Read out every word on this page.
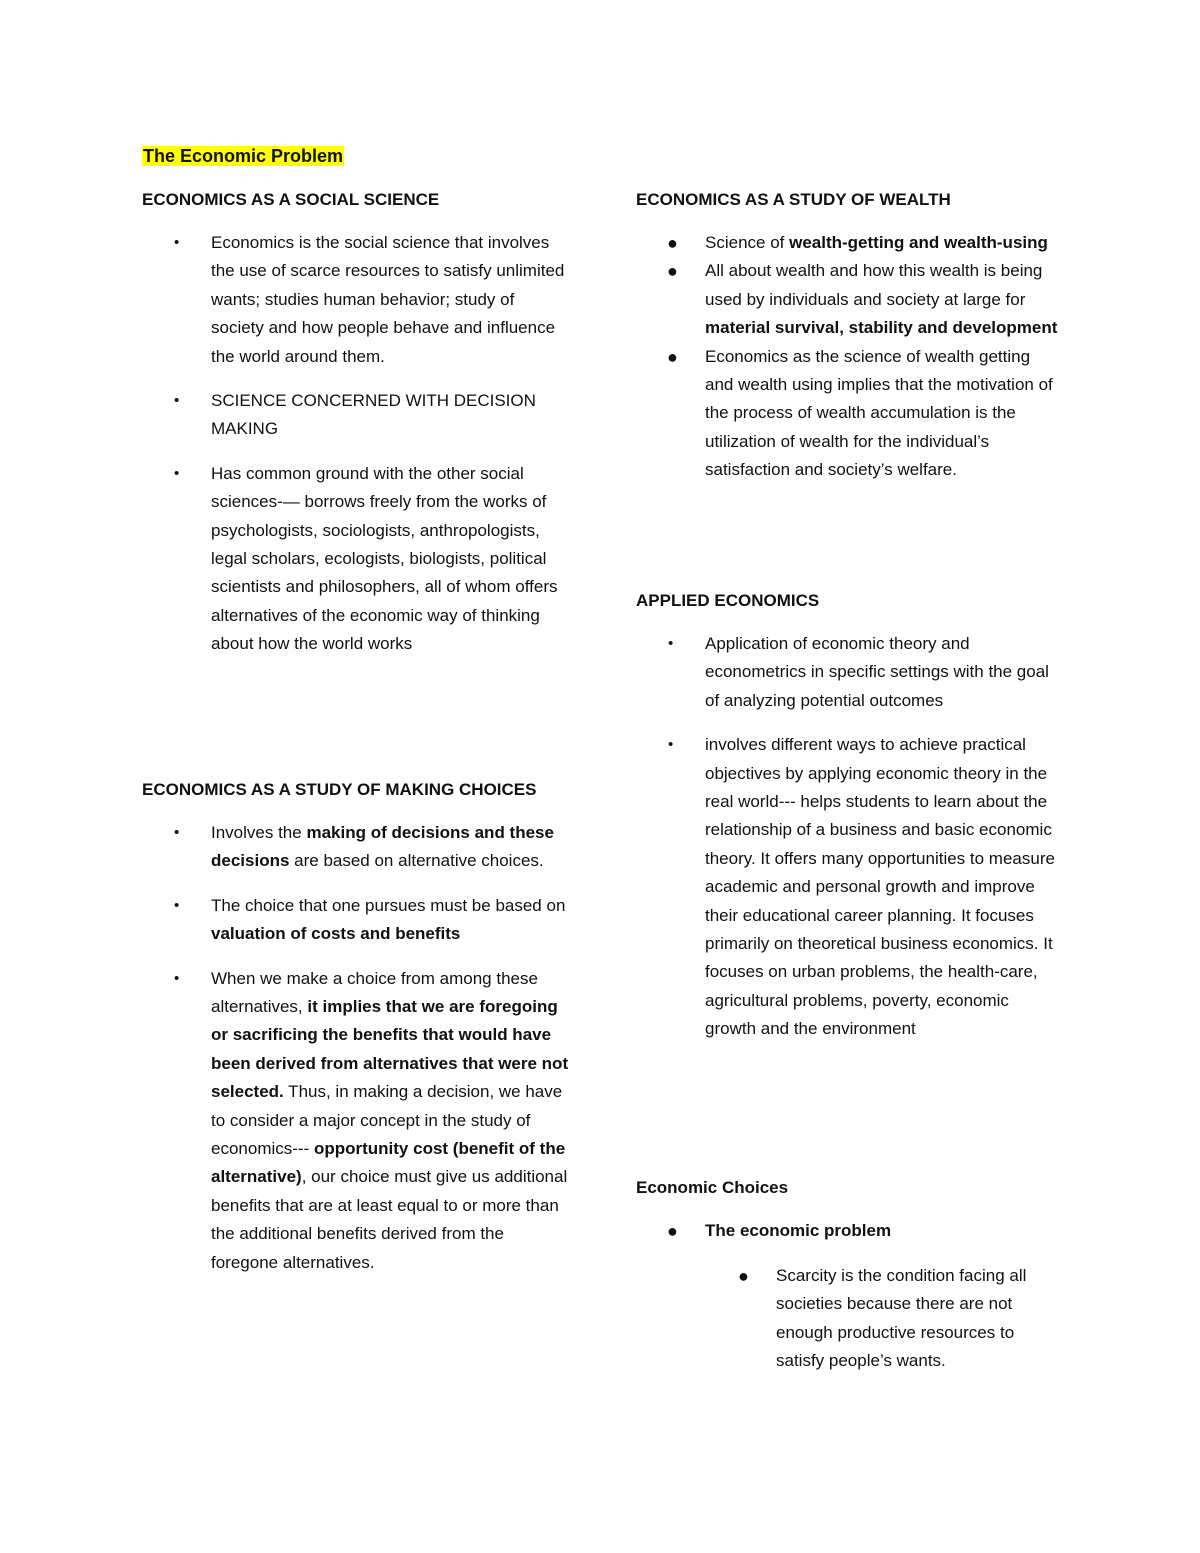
The Economic Problem
ECONOMICS AS A SOCIAL SCIENCE
• Economics is the social science that involves the use of scarce resources to satisfy unlimited wants; studies human behavior; study of society and how people behave and influence the world around them.
• SCIENCE CONCERNED WITH DECISION MAKING
• Has common ground with the other social sciences-— borrows freely from the works of psychologists, sociologists, anthropologists, legal scholars, ecologists, biologists, political scientists and philosophers, all of whom offers alternatives of the economic way of thinking about how the world works
ECONOMICS AS A STUDY OF MAKING CHOICES
• Involves the making of decisions and these decisions are based on alternative choices.
• The choice that one pursues must be based on valuation of costs and benefits
• When we make a choice from among these alternatives, it implies that we are foregoing or sacrificing the benefits that would have been derived from alternatives that were not selected. Thus, in making a decision, we have to consider a major concept in the study of economics--- opportunity cost (benefit of the alternative), our choice must give us additional benefits that are at least equal to or more than the additional benefits derived from the foregone alternatives.
ECONOMICS AS A STUDY OF WEALTH
● Science of wealth-getting and wealth-using
● All about wealth and how this wealth is being used by individuals and society at large for material survival, stability and development
● Economics as the science of wealth getting and wealth using implies that the motivation of the process of wealth accumulation is the utilization of wealth for the individual’s satisfaction and society’s welfare.
APPLIED ECONOMICS
• Application of economic theory and econometrics in specific settings with the goal of analyzing potential outcomes
• involves different ways to achieve practical objectives by applying economic theory in the real world--- helps students to learn about the relationship of a business and basic economic theory. It offers many opportunities to measure academic and personal growth and improve their educational career planning. It focuses primarily on theoretical business economics. It focuses on urban problems, the health-care, agricultural problems, poverty, economic growth and the environment
Economic Choices
● The economic problem
● Scarcity is the condition facing all societies because there are not enough productive resources to satisfy people’s wants.
